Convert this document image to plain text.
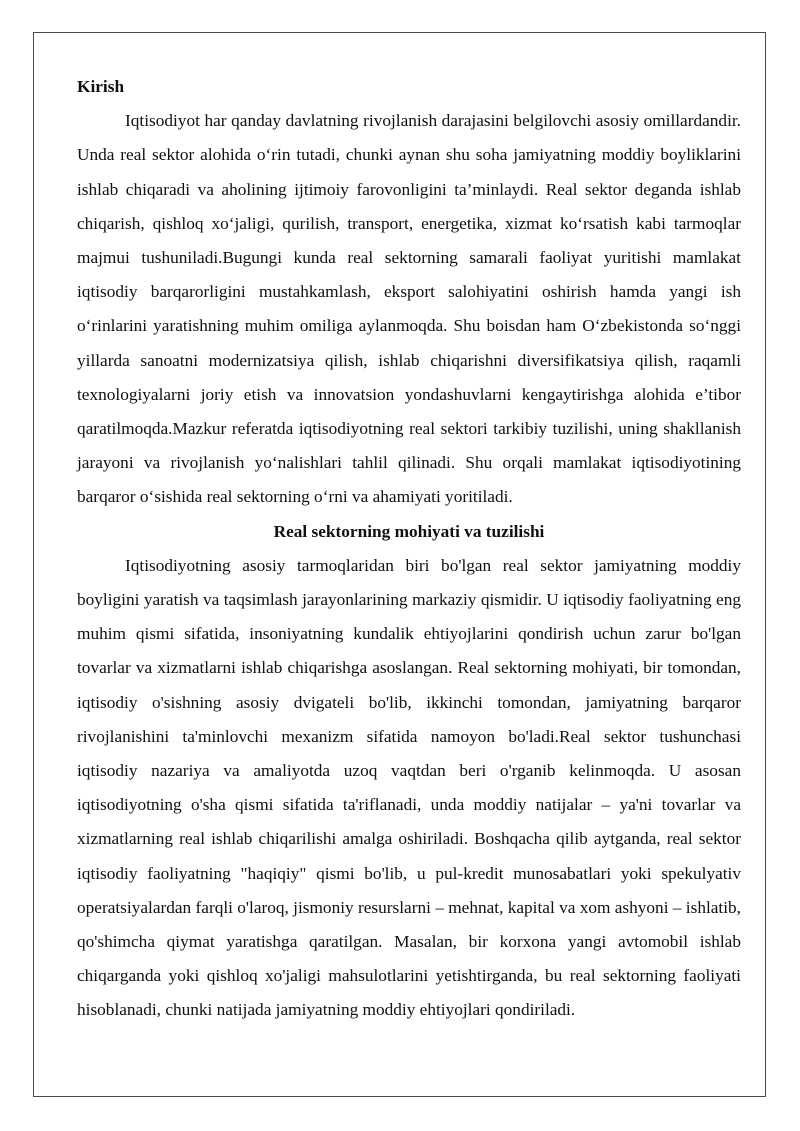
Kirish

Iqtisodiyot har qanday davlatning rivojlanish darajasini belgilovchi asosiy omillardandir. Unda real sektor alohida o‘rin tutadi, chunki aynan shu soha jamiyatning moddiy boyliklarini ishlab chiqaradi va aholining ijtimoiy farovonligini ta’minlaydi. Real sektor deganda ishlab chiqarish, qishloq xo‘jaligi, qurilish, transport, energetika, xizmat ko‘rsatish kabi tarmoqlar majmui tushuniladi.Bugungi kunda real sektorning samarali faoliyat yuritishi mamlakat iqtisodiy barqarorligini mustahkamlash, eksport salohiyatini oshirish hamda yangi ish o‘rinlarini yaratishning muhim omiliga aylanmoqda. Shu boisdan ham O‘zbekistonda so‘nggi yillarda sanoatni modernizatsiya qilish, ishlab chiqarishni diversifikatsiya qilish, raqamli texnologiyalarni joriy etish va innovatsion yondashuvlarni kengaytirishga alohida e’tibor qaratilmoqda.Mazkur referatda iqtisodiyotning real sektori tarkibiy tuzilishi, uning shakllanish jarayoni va rivojlanish yo‘nalishlari tahlil qilinadi. Shu orqali mamlakat iqtisodiyotining barqaror o‘sishida real sektorning o‘rni va ahamiyati yoritiladi.

Real sektorning mohiyati va tuzilishi

Iqtisodiyotning asosiy tarmoqlaridan biri bo'lgan real sektor jamiyatning moddiy boyligini yaratish va taqsimlash jarayonlarining markaziy qismidir. U iqtisodiy faoliyatning eng muhim qismi sifatida, insoniyatning kundalik ehtiyojlarini qondirish uchun zarur bo'lgan tovarlar va xizmatlarni ishlab chiqarishga asoslangan. Real sektorning mohiyati, bir tomondan, iqtisodiy o'sishning asosiy dvigateli bo'lib, ikkinchi tomondan, jamiyatning barqaror rivojlanishini ta'minlovchi mexanizm sifatida namoyon bo'ladi.Real sektor tushunchasi iqtisodiy nazariya va amaliyotda uzoq vaqtdan beri o'rganib kelinmoqda. U asosan iqtisodiyotning o'sha qismi sifatida ta'riflanadi, unda moddiy natijalar – ya'ni tovarlar va xizmatlarning real ishlab chiqarilishi amalga oshiriladi. Boshqacha qilib aytganda, real sektor iqtisodiy faoliyatning "haqiqiy" qismi bo'lib, u pul-kredit munosabatlari yoki spekulyativ operatsiyalardan farqli o'laroq, jismoniy resurslarni – mehnat, kapital va xom ashyoni – ishlatib, qo'shimcha qiymat yaratishga qaratilgan. Masalan, bir korxona yangi avtomobil ishlab chiqarganda yoki qishloq xo'jaligi mahsulotlarini yetishtirganda, bu real sektorning faoliyati hisoblanadi, chunki natijada jamiyatning moddiy ehtiyojlari qondiriladi.
